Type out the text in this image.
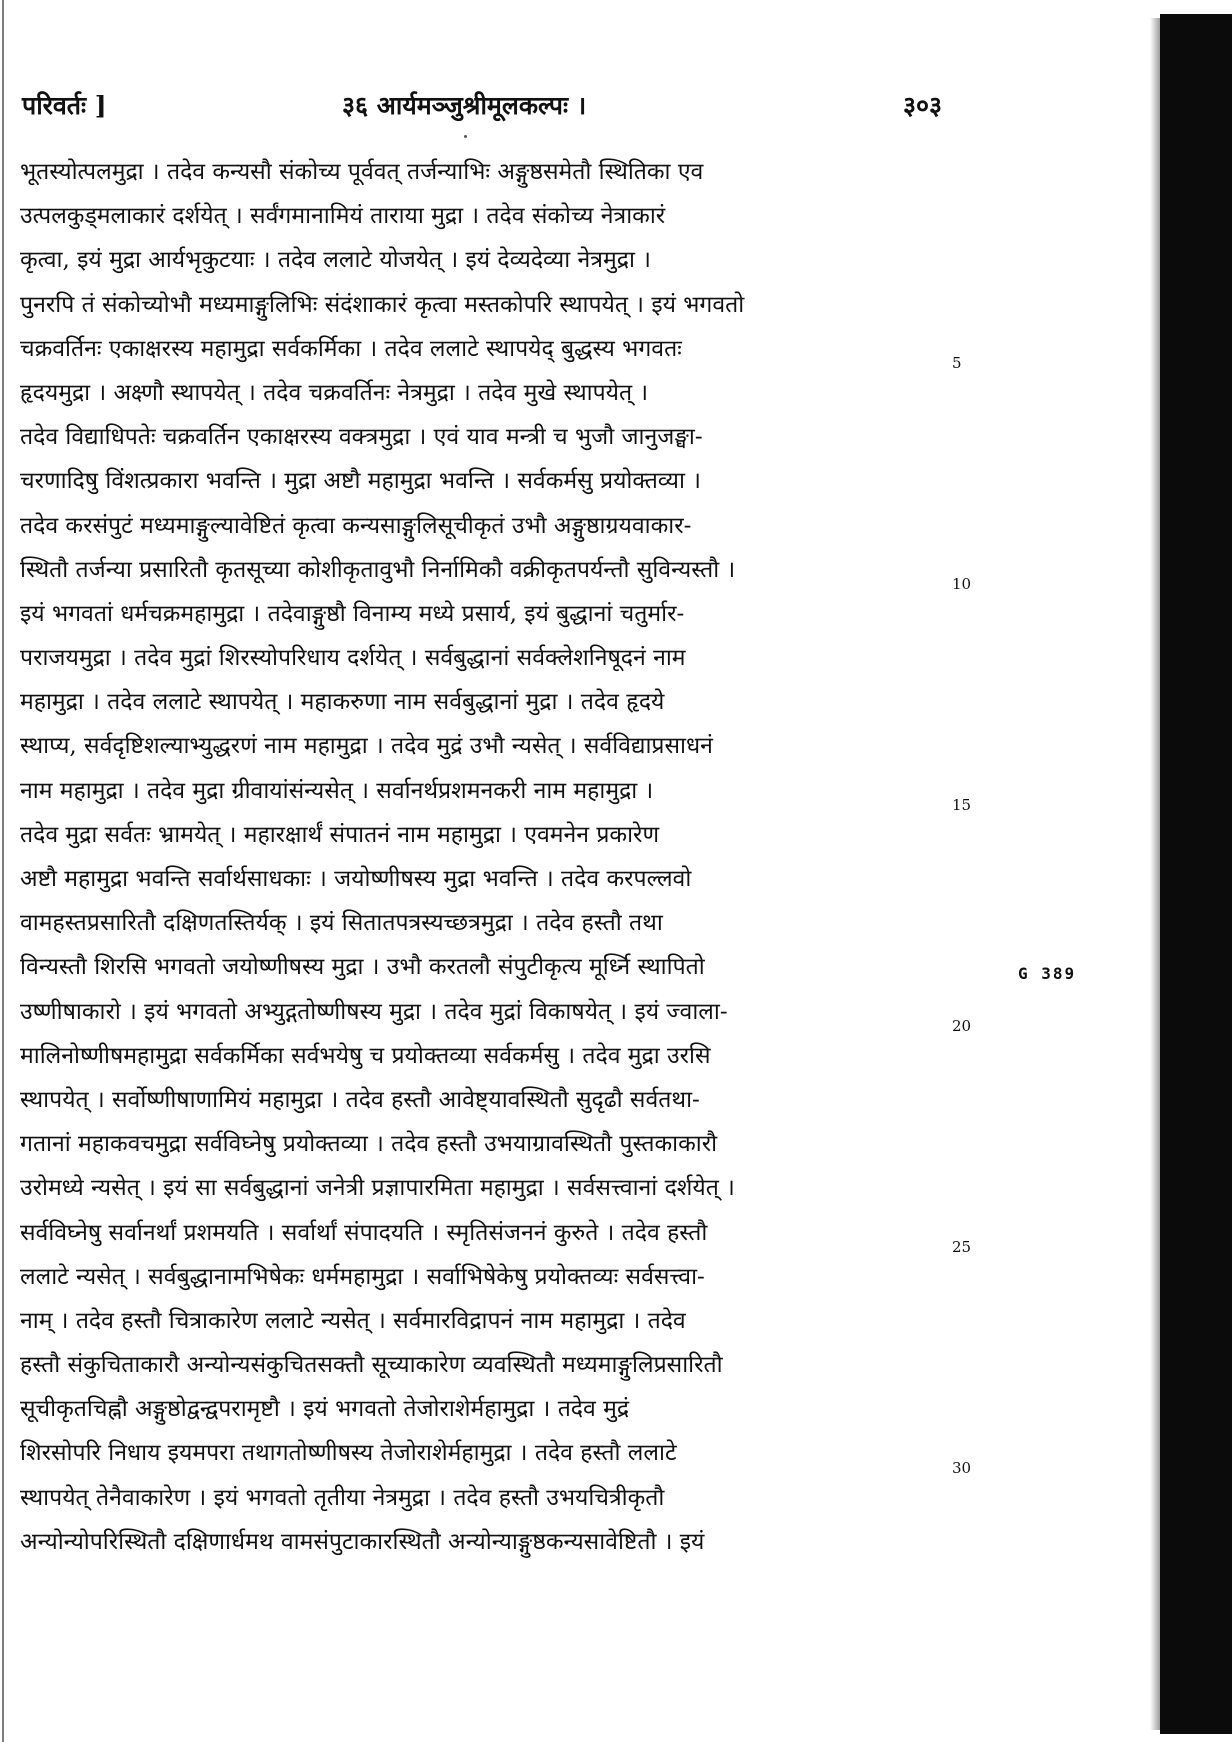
परिवर्तः ]	३६ आर्यमञ्जुश्रीमूलकल्पः ।	३०३
भूतस्योत्पलमुद्रा । तदेव कन्यसौ संकोच्य पूर्ववत् तर्जन्याभिः अङ्गुष्ठसमेतौ स्थितिका एव
उत्पलकुड्मलाकारं दर्शयेत् । सर्वंगमानामियं ताराया मुद्रा । तदेव संकोच्य नेत्राकारं
कृत्वा, इयं मुद्रा आर्यभृकुटयाः । तदेव ललाटे योजयेत् । इयं देव्यदेव्या नेत्रमुद्रा ।
पुनरपि तं संकोच्योभौ मध्यमाङ्गुलिभिः संदंशाकारं कृत्वा मस्तकोपरि स्थापयेत् । इयं भगवतो
चक्रवर्तिनः एकाक्षरस्य महामुद्रा सर्वकर्मिका । तदेव ललाटे स्थापयेद् बुद्धस्य भगवतः
5
हृदयमुद्रा । अक्ष्णौ स्थापयेत् । तदेव चक्रवर्तिनः नेत्रमुद्रा । तदेव मुखे स्थापयेत् ।
तदेव विद्याधिपतेः चक्रवर्तिन एकाक्षरस्य वक्त्रमुद्रा । एवं याव मन्त्री च भुजौ जानुजङ्घा-
चरणादिषु विंशत्प्रकारा भवन्ति । मुद्रा अष्टौ महामुद्रा भवन्ति । सर्वकर्मसु प्रयोक्तव्या ।
तदेव करसंपुटं मध्यमाङ्गुल्यावेष्टितं कृत्वा कन्यसाङ्गुलिसूचीकृतं उभौ अङ्गुष्ठाग्रयवाकार-
स्थितौ तर्जन्या प्रसारितौ कृतसूच्या कोशीकृतावुभौ निर्नामिकौ वक्रीकृतपर्यन्तौ सुविन्यस्तौ ।
10
इयं भगवतां धर्मचक्रमहामुद्रा । तदेवाङ्गुष्ठौ विनाम्य मध्ये प्रसार्य, इयं बुद्धानां चतुर्मार-
पराजयमुद्रा । तदेव मुद्रां शिरस्योपरिधाय दर्शयेत् । सर्वबुद्धानां सर्वक्लेशनिषूदनं नाम
महामुद्रा । तदेव ललाटे स्थापयेत् । महाकरुणा नाम सर्वबुद्धानां मुद्रा । तदेव हृदये
स्थाप्य, सर्वदृष्टिशल्याभ्युद्धरणं नाम महामुद्रा । तदेव मुद्रं उभौ न्यसेत् । सर्वविद्याप्रसाधनं
नाम महामुद्रा । तदेव मुद्रा ग्रीवायांसंन्यसेत् । सर्वानर्थप्रशमनकरी नाम महामुद्रा ।
15
तदेव मुद्रा सर्वतः भ्रामयेत् । महारक्षार्थं संपातनं नाम महामुद्रा । एवमनेन प्रकारेण
अष्टौ महामुद्रा भवन्ति सर्वार्थसाधकाः । जयोष्णीषस्य मुद्रा भवन्ति । तदेव करपल्लवो
वामहस्तप्रसारितौ दक्षिणतस्तिर्यक् । इयं सितातपत्रस्यच्छत्रमुद्रा । तदेव हस्तौ तथा
विन्यस्तौ शिरसि भगवतो जयोष्णीषस्य मुद्रा । उभौ करतलौ संपुटीकृत्य मूर्ध्नि स्थापितो
उष्णीषाकारो । इयं भगवतो अभ्युद्गतोष्णीषस्य मुद्रा । तदेव मुद्रां विकाषयेत् । इयं ज्वाला-
20
मालिनोष्णीषमहामुद्रा सर्वकर्मिका सर्वभयेषु च प्रयोक्तव्या सर्वकर्मसु । तदेव मुद्रा उरसि
स्थापयेत् । सर्वोष्णीषाणामियं महामुद्रा । तदेव हस्तौ आवेष्ट्यावस्थितौ सुदृढौ सर्वतथा-
गतानां महाकवचमुद्रा सर्वविघ्नेषु प्रयोक्तव्या । तदेव हस्तौ उभयाग्रावस्थितौ पुस्तकाकारौ
उरोमध्ये न्यसेत् । इयं सा सर्वबुद्धानां जनेत्री प्रज्ञापारमिता महामुद्रा । सर्वसत्त्वानां दर्शयेत् ।
सर्वविघ्नेषु सर्वानर्थां प्रशमयति । सर्वार्थां संपादयति । स्मृतिसंजननं कुरुते । तदेव हस्तौ
25
ललाटे न्यसेत् । सर्वबुद्धानामभिषेकः धर्ममहामुद्रा । सर्वाभिषेकेषु प्रयोक्तव्यः सर्वसत्त्वा-
नाम् । तदेव हस्तौ चित्राकारेण ललाटे न्यसेत् । सर्वमारविद्रापनं नाम महामुद्रा । तदेव
हस्तौ संकुचिताकारौ अन्योन्यसंकुचितसक्तौ सूच्याकारेण व्यवस्थितौ मध्यमाङ्गुलिप्रसारितौ
सूचीकृतचिह्नौ अङ्गुष्ठोद्वन्द्वपरामृष्टौ । इयं भगवतो तेजोराशेर्महामुद्रा । तदेव मुद्रं
शिरसोपरि निधाय इयमपरा तथागतोष्णीषस्य तेजोराशेर्महामुद्रा । तदेव हस्तौ ललाटे
30
स्थापयेत् तेनैवाकारेण । इयं भगवतो तृतीया नेत्रमुद्रा । तदेव हस्तौ उभयचित्रीकृतौ
अन्योन्योपरिस्थितौ दक्षिणार्धमथ वामसंपुटाकारस्थितौ अन्योन्याङ्गुष्ठकन्यसावेष्टितौ । इयं
G 389
